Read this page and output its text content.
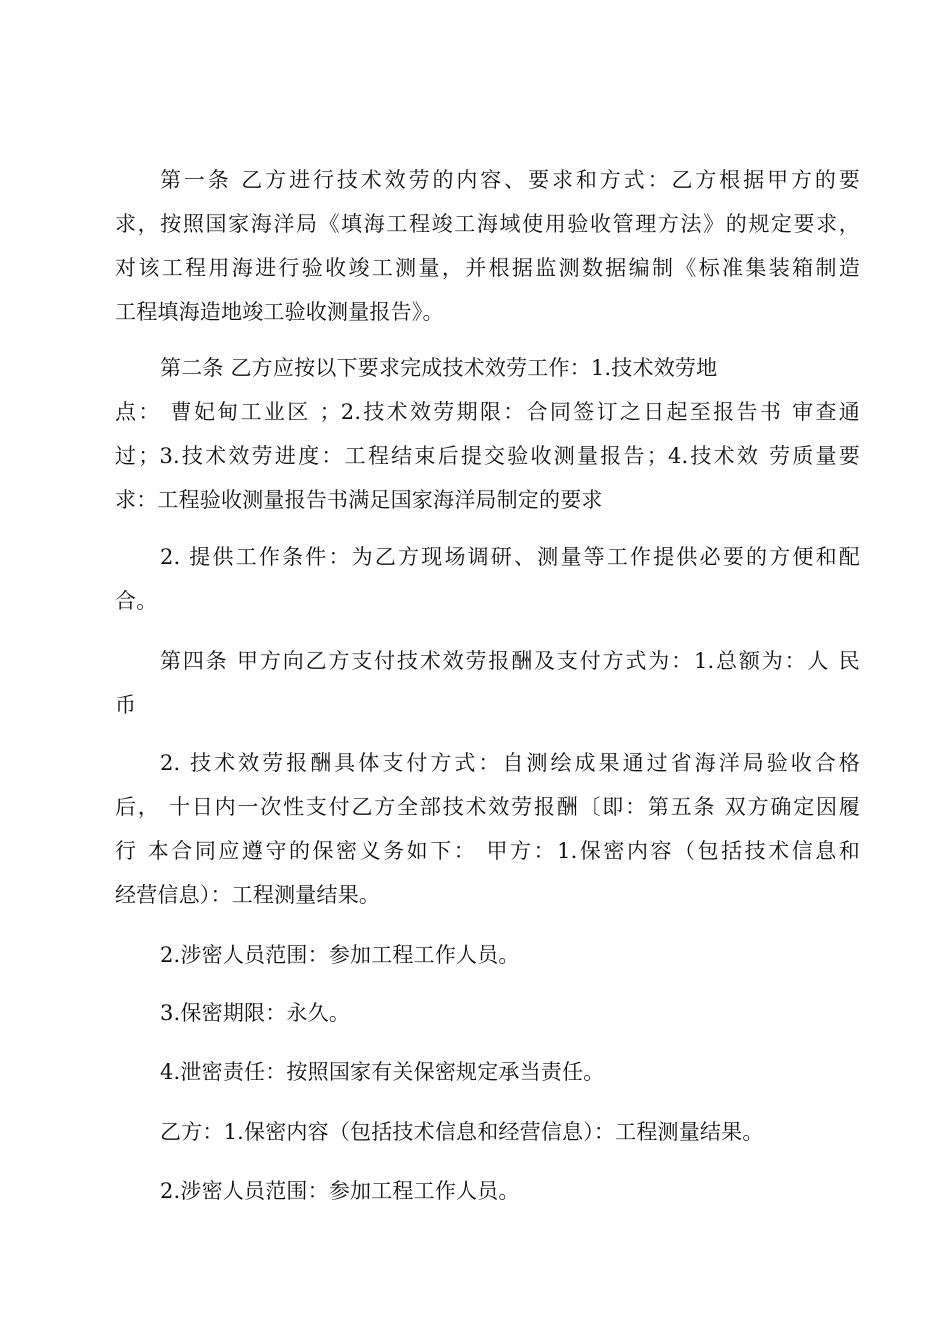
第一条 乙方进行技术效劳的内容、要求和方式：乙方根据甲方的要
求，按照国家海洋局《填海工程竣工海域使用验收管理方法》的规定要求，
对该工程用海进行验收竣工测量，并根据监测数据编制《标准集装箱制造
工程填海造地竣工验收测量报告》。
第二条 乙方应按以下要求完成技术效劳工作：1.技术效劳地
点： 曹妃甸工业区 ；2.技术效劳期限：合同签订之日起至报告书 审查通
过；3.技术效劳进度：工程结束后提交验收测量报告；4.技术效 劳质量要
求：工程验收测量报告书满足国家海洋局制定的要求
2. 提供工作条件：为乙方现场调研、测量等工作提供必要的方便和配
合。
第四条 甲方向乙方支付技术效劳报酬及支付方式为：1.总额为：人 民
币
2. 技术效劳报酬具体支付方式：自测绘成果通过省海洋局验收合格
后， 十日内一次性支付乙方全部技术效劳报酬〔即：第五条 双方确定因履
行 本合同应遵守的保密义务如下： 甲方：1.保密内容（包括技术信息和
经营信息）：工程测量结果。
2.涉密人员范围：参加工程工作人员。
3.保密期限：永久。
4.泄密责任：按照国家有关保密规定承当责任。
乙方：1.保密内容（包括技术信息和经营信息）：工程测量结果。
2.涉密人员范围：参加工程工作人员。
